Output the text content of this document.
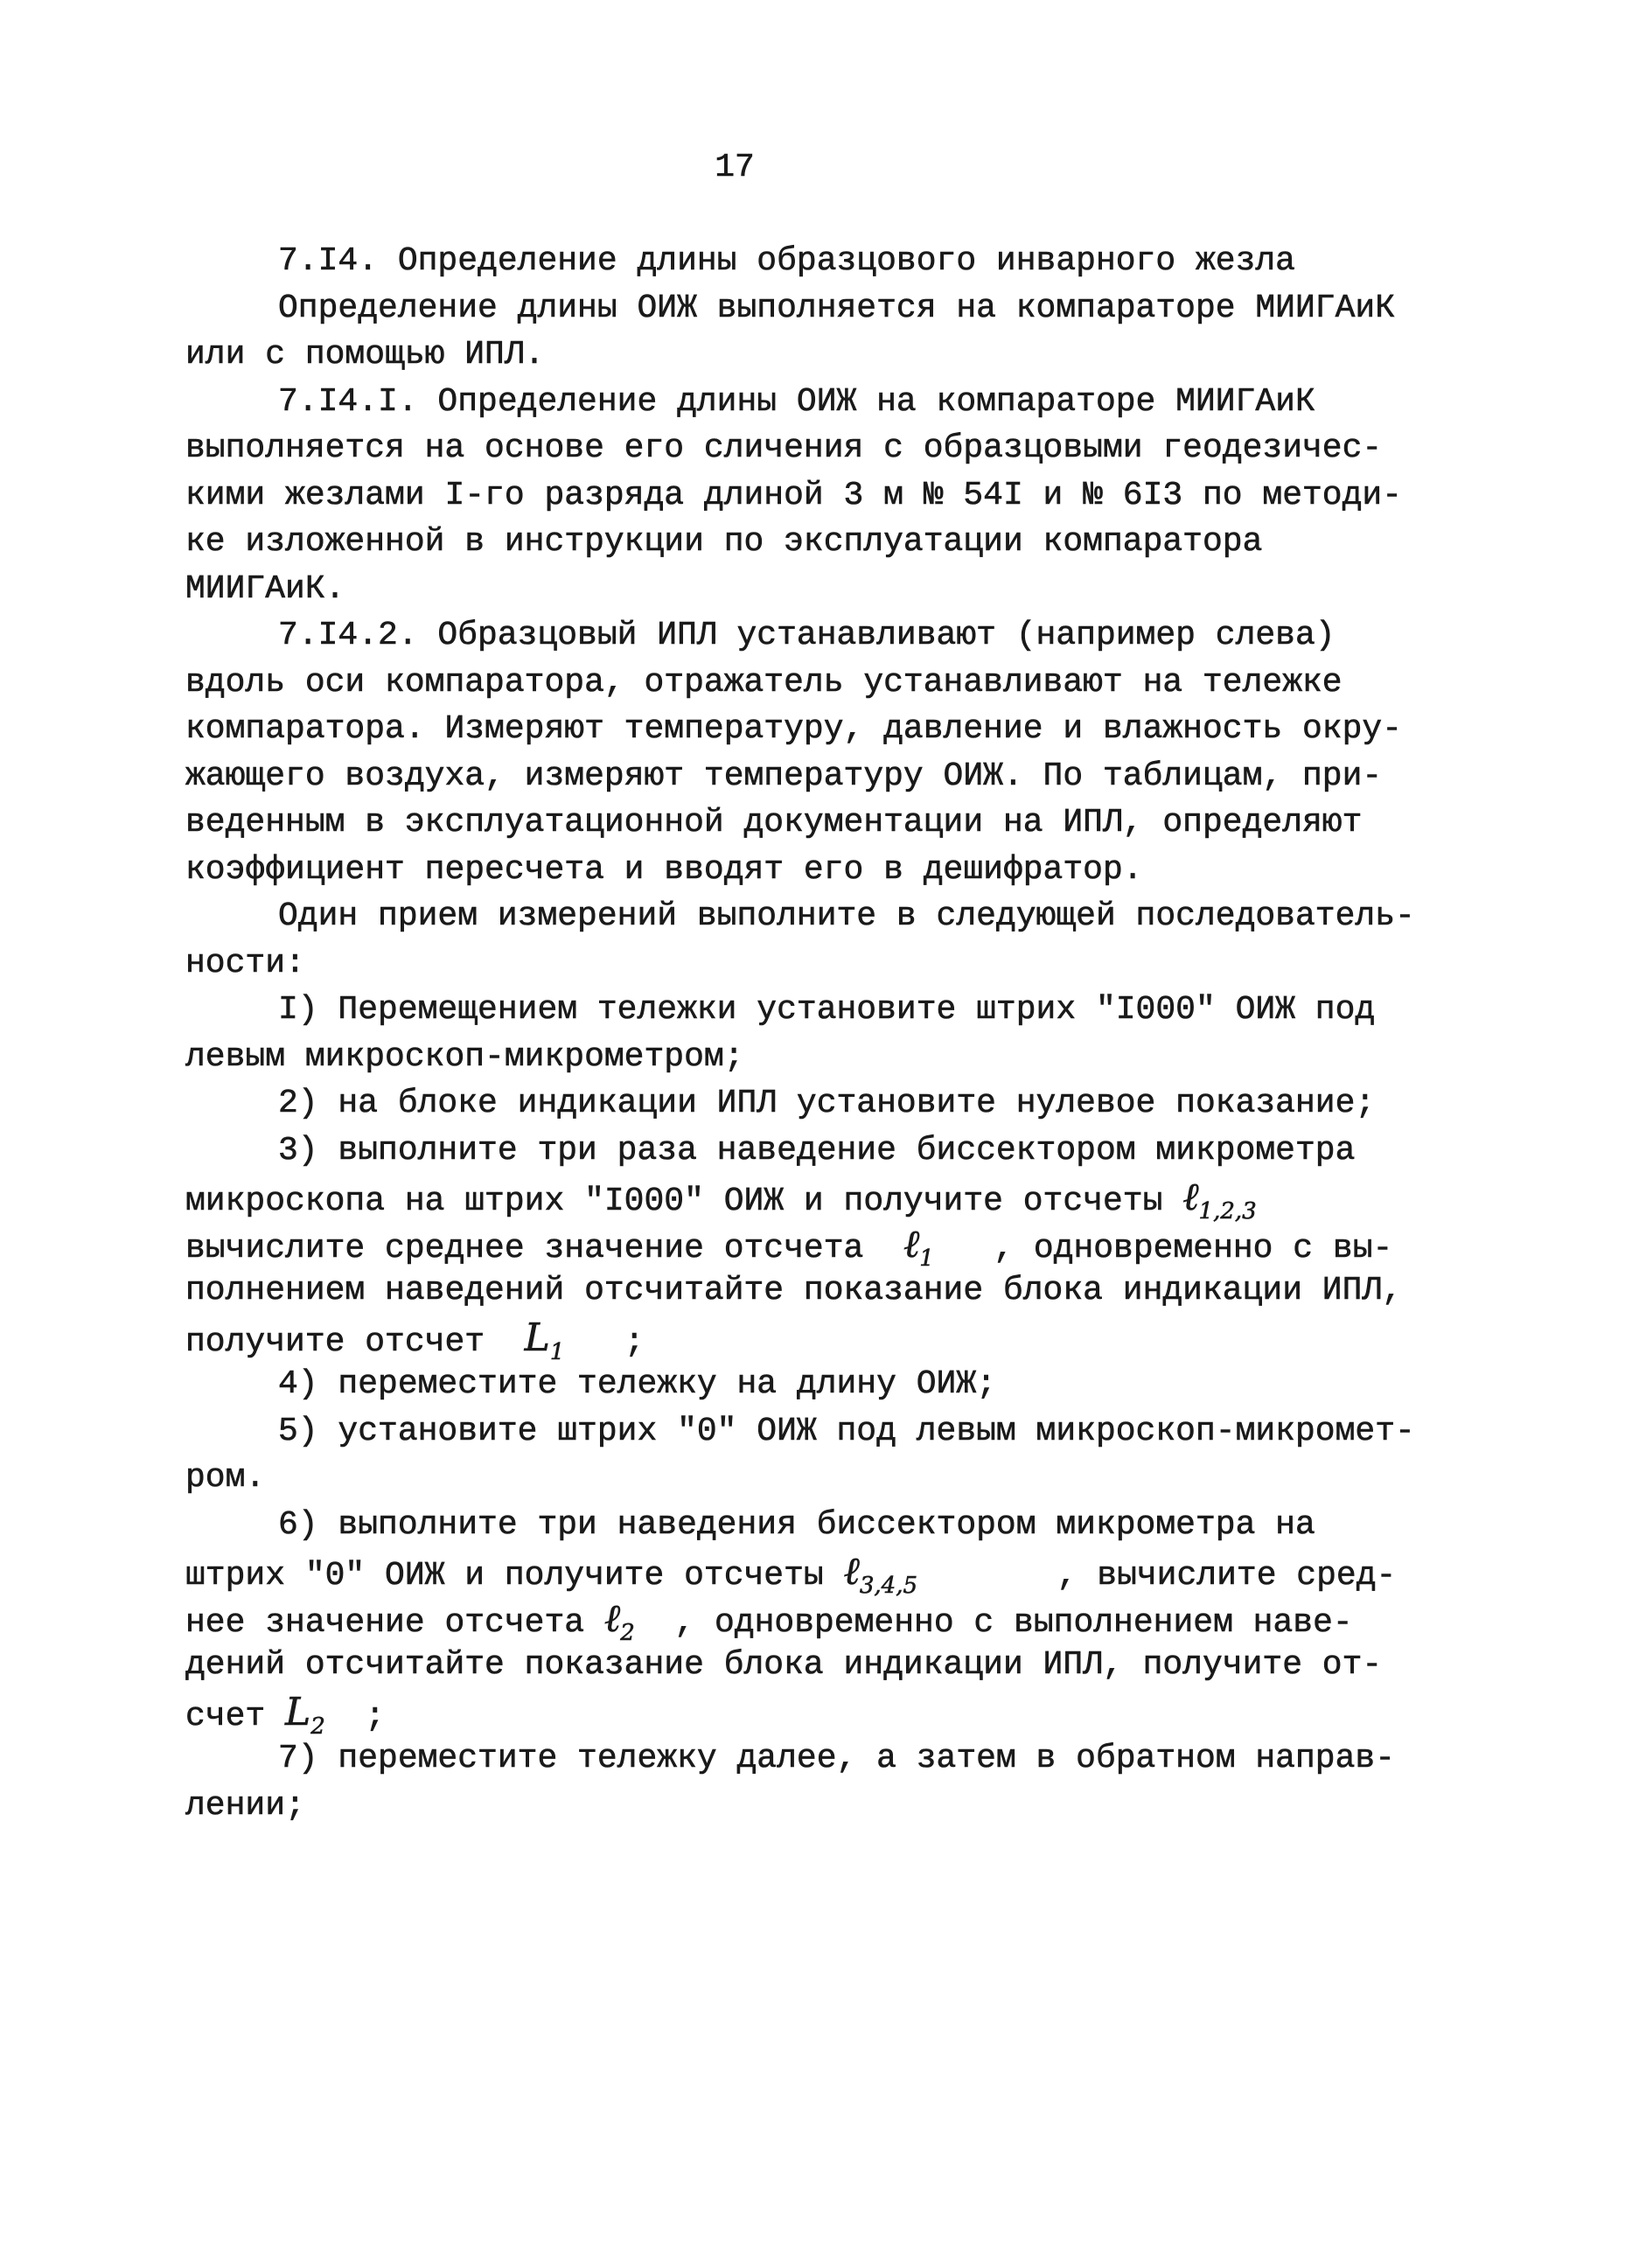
17
7.I4. Определение длины образцового инварного жезла
Определение длины ОИЖ выполняется на компараторе МИИГАиК
или с помощью ИПЛ.
7.I4.I. Определение длины ОИЖ на компараторе МИИГАиК
выполняется на основе его сличения с образцовыми геодезичес-
кими жезлами I-го разряда длиной 3 м № 54I и № 6I3 по методи-
ке изложенной в инструкции по эксплуатации компаратора
МИИГАиК.
7.I4.2. Образцовый ИПЛ устанавливают (например слева)
вдоль оси компаратора, отражатель устанавливают на тележке
компаратора. Измеряют температуру, давление и влажность окру-
жающего воздуха, измеряют температуру ОИЖ. По таблицам, при-
веденным в эксплуатационной документации на ИПЛ, определяют
коэффициент пересчета и вводят его в дешифратор.
Один прием измерений выполните в следующей последователь-
ности:
I) Перемещением тележки установите штрих "I000" ОИЖ под
левым микроскоп-микрометром;
2) на блоке индикации ИПЛ установите нулевое показание;
3) выполните три раза наведение биссектором микрометра
микроскопа на штрих "I000" ОИЖ и получите отсчеты ℓ$_{1,2,3}$
вычислите среднее значение отсчета ℓ$_1$ , одновременно с вы-
полнением наведений отсчитайте показание блока индикации ИПЛ,
получите отсчет $L_1$ ;
4) переместите тележку на длину ОИЖ;
5) установите штрих "0" ОИЖ под левым микроскоп-микромет-
ром.
6) выполните три наведения биссектором микрометра на
штрих "0" ОИЖ и получите отсчеты ℓ$_{3,4,5}$	, вычислите сред-
нее значение отсчета ℓ$_2$ , одновременно с выполнением наве-
дений отсчитайте показание блока индикации ИПЛ, получите от-
счет $L_2$ ;
7) переместите тележку далее, а затем в обратном направ-
лении;
